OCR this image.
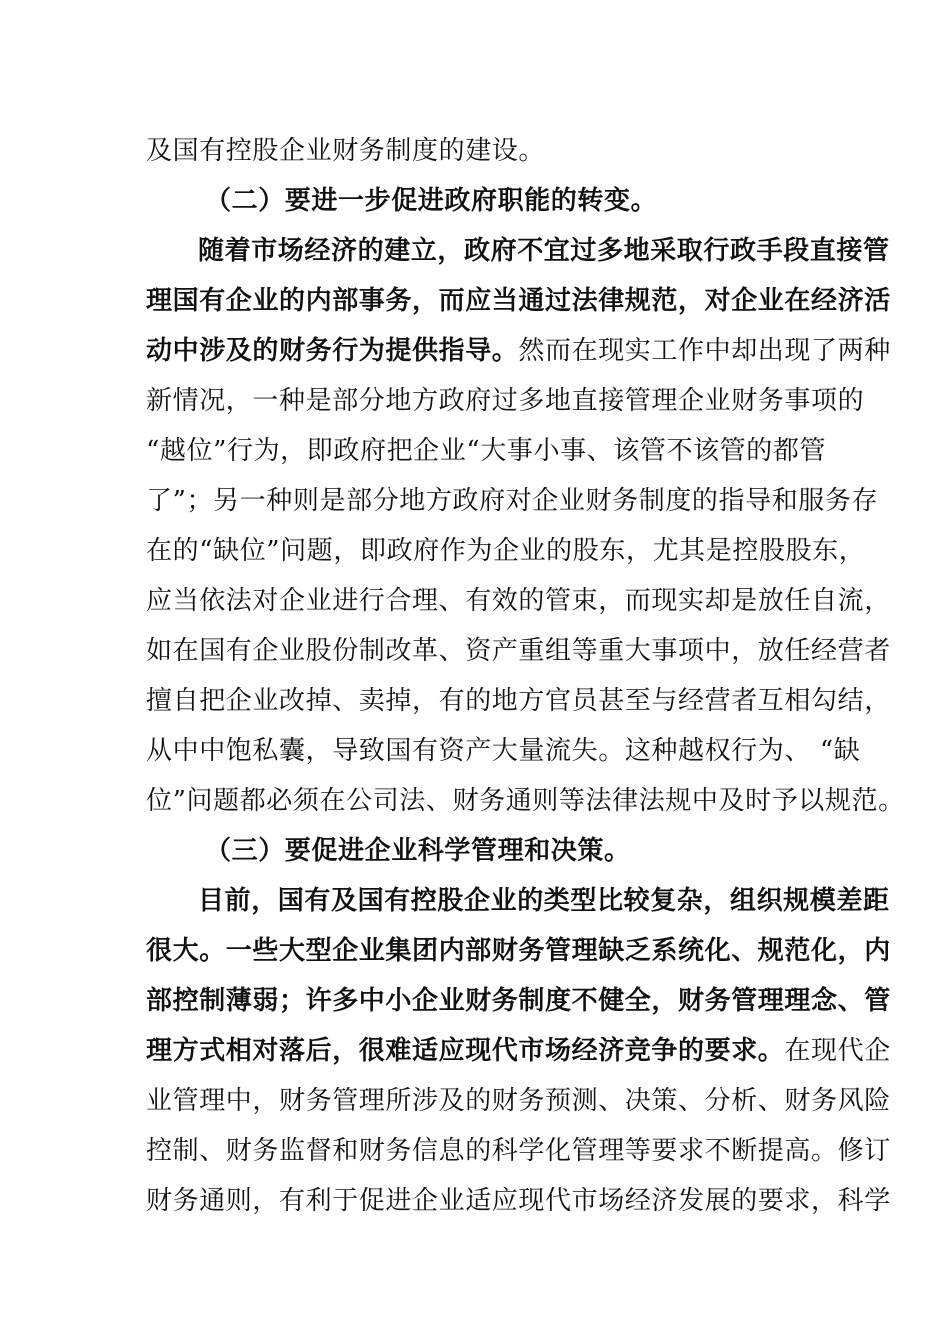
及国有控股企业财务制度的建设。
（二）要进一步促进政府职能的转变。
随着市场经济的建立，政府不宜过多地采取行政手段直接管
理国有企业的内部事务，而应当通过法律规范，对企业在经济活
动中涉及的财务行为提供指导。然而在现实工作中却出现了两种
新情况，一种是部分地方政府过多地直接管理企业财务事项的
“越位”行为，即政府把企业“大事小事、该管不该管的都管
了”；另一种则是部分地方政府对企业财务制度的指导和服务存
在的“缺位”问题，即政府作为企业的股东，尤其是控股股东，
应当依法对企业进行合理、有效的管束，而现实却是放任自流，
如在国有企业股份制改革、资产重组等重大事项中，放任经营者
擅自把企业改掉、卖掉，有的地方官员甚至与经营者互相勾结，
从中中饱私囊，导致国有资产大量流失。这种越权行为、 “缺
位”问题都必须在公司法、财务通则等法律法规中及时予以规范。
（三）要促进企业科学管理和决策。
目前，国有及国有控股企业的类型比较复杂，组织规模差距
很大。一些大型企业集团内部财务管理缺乏系统化、规范化，内
部控制薄弱；许多中小企业财务制度不健全，财务管理理念、管
理方式相对落后，很难适应现代市场经济竞争的要求。在现代企
业管理中，财务管理所涉及的财务预测、决策、分析、财务风险
控制、财务监督和财务信息的科学化管理等要求不断提高。修订
财务通则，有利于促进企业适应现代市场经济发展的要求，科学
